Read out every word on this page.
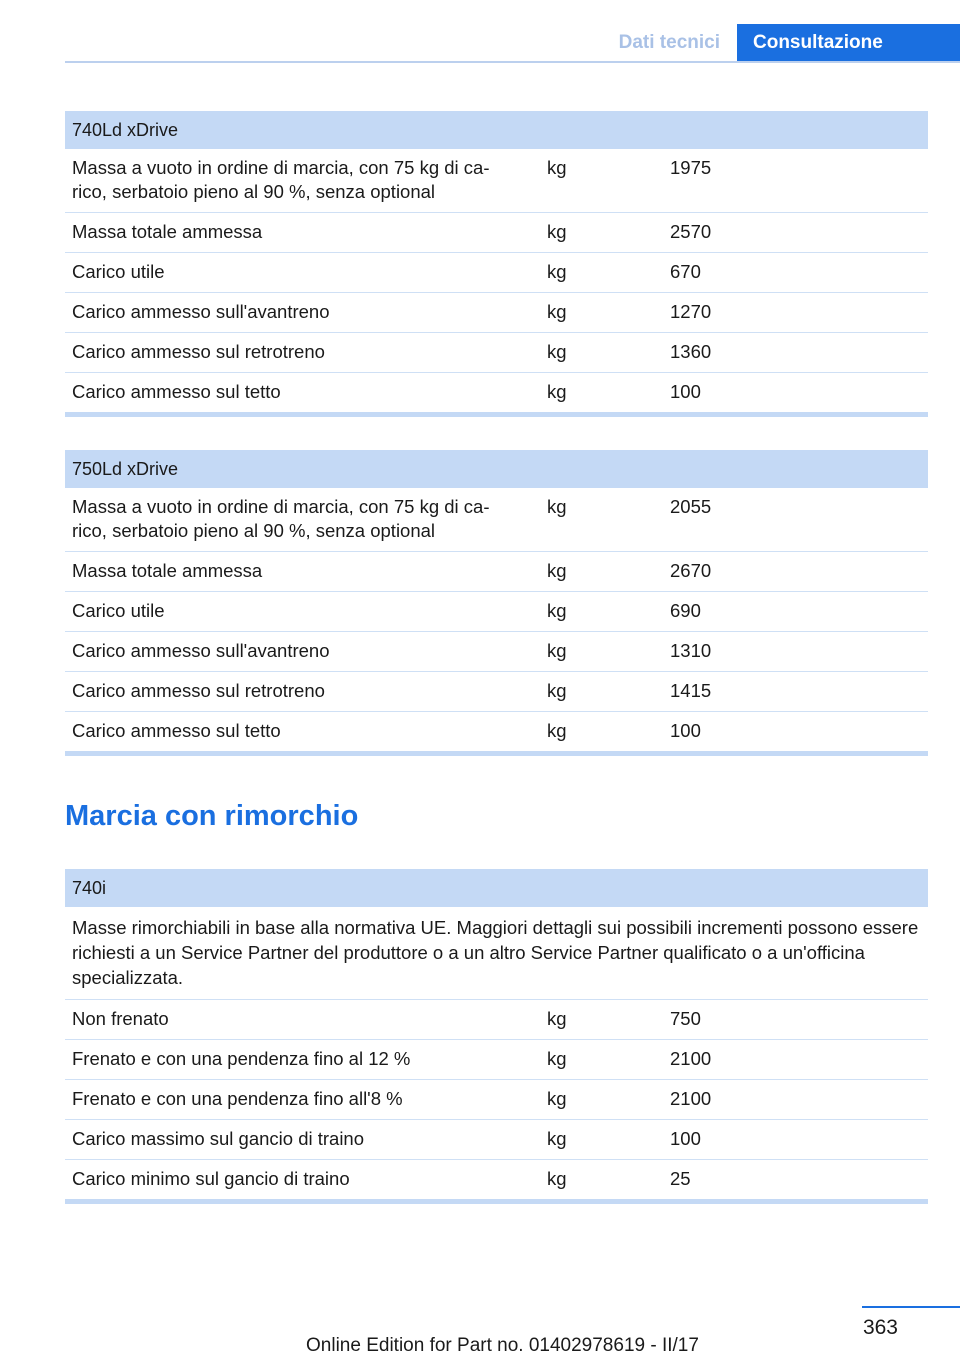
Dati tecnici	Consultazione
740Ld xDrive
Massa a vuoto in ordine di marcia, con 75 kg di ca-
rico, serbatoio pieno al 90 %, senza optional
kg	1975
Massa totale ammessa	kg	2570
Carico utile	kg	670
Carico ammesso sull'avantreno	kg	1270
Carico ammesso sul retrotreno	kg	1360
Carico ammesso sul tetto	kg	100
750Ld xDrive
Massa a vuoto in ordine di marcia, con 75 kg di ca-
rico, serbatoio pieno al 90 %, senza optional
kg	2055
Massa totale ammessa	kg	2670
Carico utile	kg	690
Carico ammesso sull'avantreno	kg	1310
Carico ammesso sul retrotreno	kg	1415
Carico ammesso sul tetto	kg	100
Marcia con rimorchio
740i
Masse rimorchiabili in base alla normativa UE. Maggiori dettagli sui possibili incrementi possono essere richiesti a un Service Partner del produttore o a un altro Service Partner qualificato o a un'officina specializzata.
Non frenato	kg	750
Frenato e con una pendenza fino al 12 %	kg	2100
Frenato e con una pendenza fino all'8 %	kg	2100
Carico massimo sul gancio di traino	kg	100
Carico minimo sul gancio di traino	kg	25
363
Online Edition for Part no. 01402978619 - II/17
